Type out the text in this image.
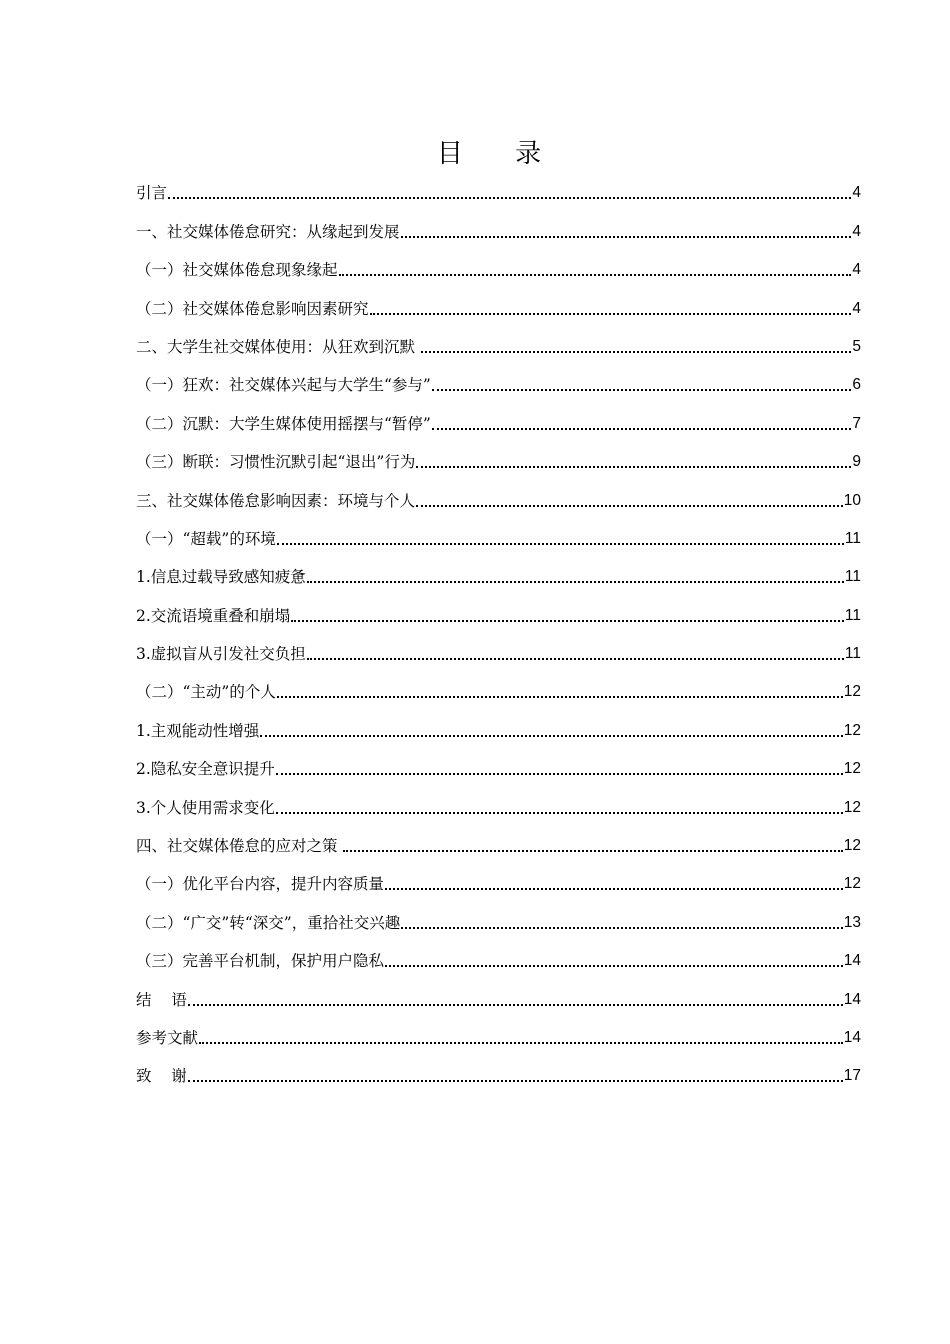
目 录
引言	4
一、社交媒体倦怠研究：从缘起到发展	4
（一）社交媒体倦怠现象缘起	4
（二）社交媒体倦怠影响因素研究	4
二、大学生社交媒体使用：从狂欢到沉默	5
（一）狂欢：社交媒体兴起与大学生“参与”	6
（二）沉默：大学生媒体使用摇摆与“暂停”	7
（三）断联：习惯性沉默引起“退出”行为	9
三、社交媒体倦怠影响因素：环境与个人	10
（一）“超载”的环境	11
1.信息过载导致感知疲惫	11
2.交流语境重叠和崩塌	11
3.虚拟盲从引发社交负担	11
（二）“主动”的个人	12
1.主观能动性增强	12
2.隐私安全意识提升	12
3.个人使用需求变化	12
四、社交媒体倦怠的应对之策	12
（一）优化平台内容，提升内容质量	12
（二）“广交”转“深交”，重拾社交兴趣	13
（三）完善平台机制，保护用户隐私	14
结    语	14
参考文献	14
致    谢	17
